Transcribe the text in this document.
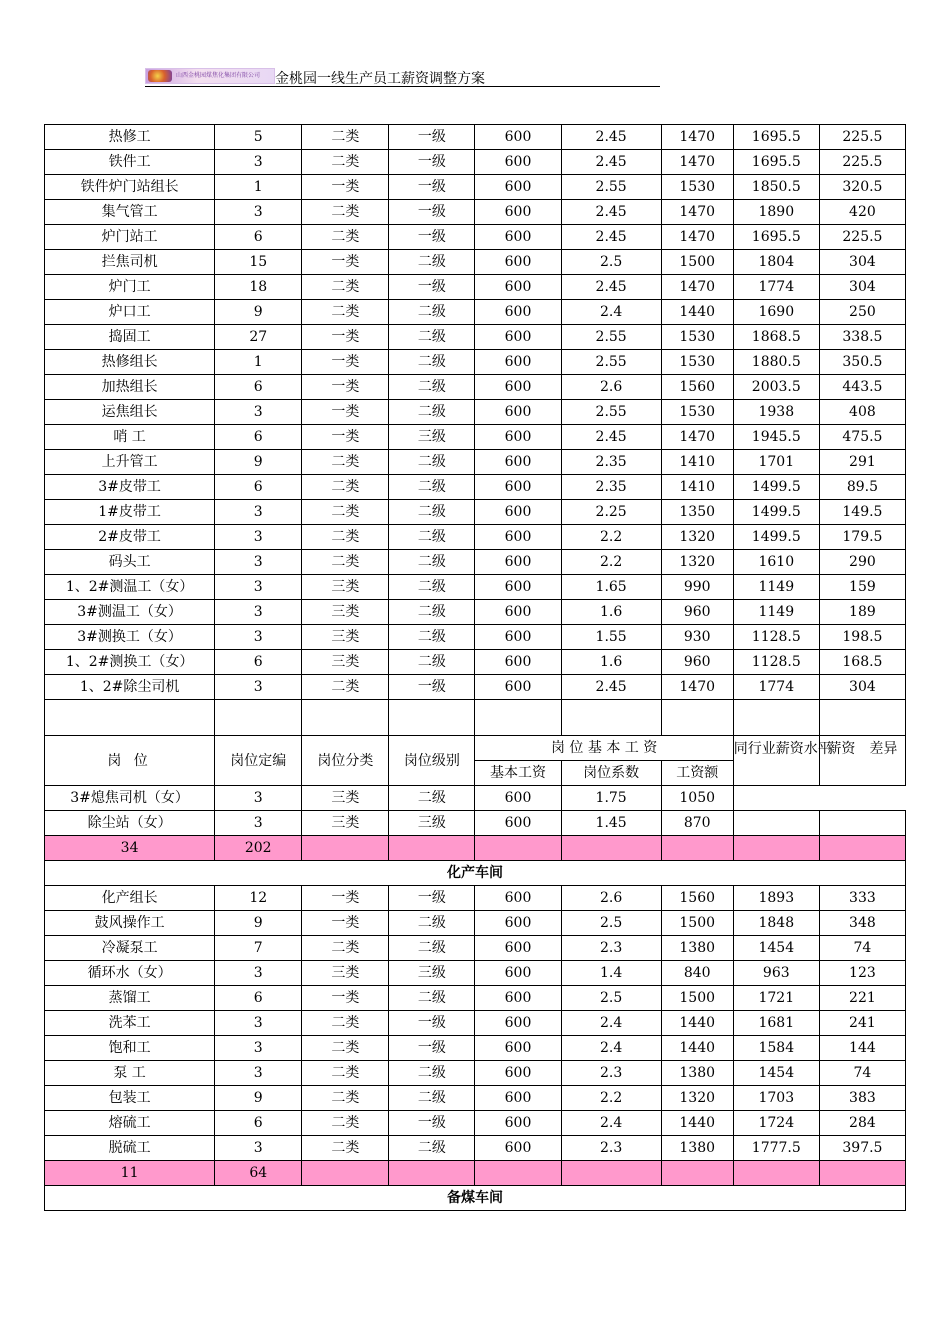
山西金桃园煤焦化集团有限公司 金桃园一线生产员工薪资调整方案
热修工	5	二类	一级	600	2.45	1470	1695.5	225.5
铁件工	3	二类	一级	600	2.45	1470	1695.5	225.5
铁件炉门站组长	1	一类	一级	600	2.55	1530	1850.5	320.5
集气管工	3	二类	一级	600	2.45	1470	1890	420
炉门站工	6	二类	一级	600	2.45	1470	1695.5	225.5
拦焦司机	15	一类	二级	600	2.5	1500	1804	304
炉门工	18	二类	一级	600	2.45	1470	1774	304
炉口工	9	二类	二级	600	2.4	1440	1690	250
捣固工	27	一类	二级	600	2.55	1530	1868.5	338.5
热修组长	1	一类	二级	600	2.55	1530	1880.5	350.5
加热组长	6	一类	二级	600	2.6	1560	2003.5	443.5
运焦组长	3	一类	二级	600	2.55	1530	1938	408
哨 工	6	一类	三级	600	2.45	1470	1945.5	475.5
上升管工	9	二类	二级	600	2.35	1410	1701	291
3#皮带工	6	二类	二级	600	2.35	1410	1499.5	89.5
1#皮带工	3	二类	二级	600	2.25	1350	1499.5	149.5
2#皮带工	3	二类	二级	600	2.2	1320	1499.5	179.5
码头工	3	二类	二级	600	2.2	1320	1610	290
1、2#测温工（女）	3	三类	二级	600	1.65	990	1149	159
3#测温工（女）	3	三类	二级	600	1.6	960	1149	189
3#测换工（女）	3	三类	二级	600	1.55	930	1128.5	198.5
1、2#测换工（女）	6	三类	二级	600	1.6	960	1128.5	168.5
1、2#除尘司机	3	二类	一级	600	2.45	1470	1774	304

岗 位	岗位定编	岗位分类	岗位级别	岗 位 基 本 工 资			同行业薪资水平	薪资　差异
				基本工资	岗位系数	工资额		
3#熄焦司机（女）	3	三类	二级	600	1.75	1050		
除尘站（女）	3	三类	三级	600	1.45	870		
34	202							
化产车间								
化产组长	12	一类	一级	600	2.6	1560	1893	333
鼓风操作工	9	一类	二级	600	2.5	1500	1848	348
冷凝泵工	7	二类	二级	600	2.3	1380	1454	74
循环水（女）	3	三类	三级	600	1.4	840	963	123
蒸馏工	6	一类	二级	600	2.5	1500	1721	221
洗苯工	3	二类	一级	600	2.4	1440	1681	241
饱和工	3	二类	一级	600	2.4	1440	1584	144
泵 工	3	二类	二级	600	2.3	1380	1454	74
包装工	9	二类	二级	600	2.2	1320	1703	383
熔硫工	6	二类	一级	600	2.4	1440	1724	284
脱硫工	3	二类	二级	600	2.3	1380	1777.5	397.5
11	64							
备煤车间								
